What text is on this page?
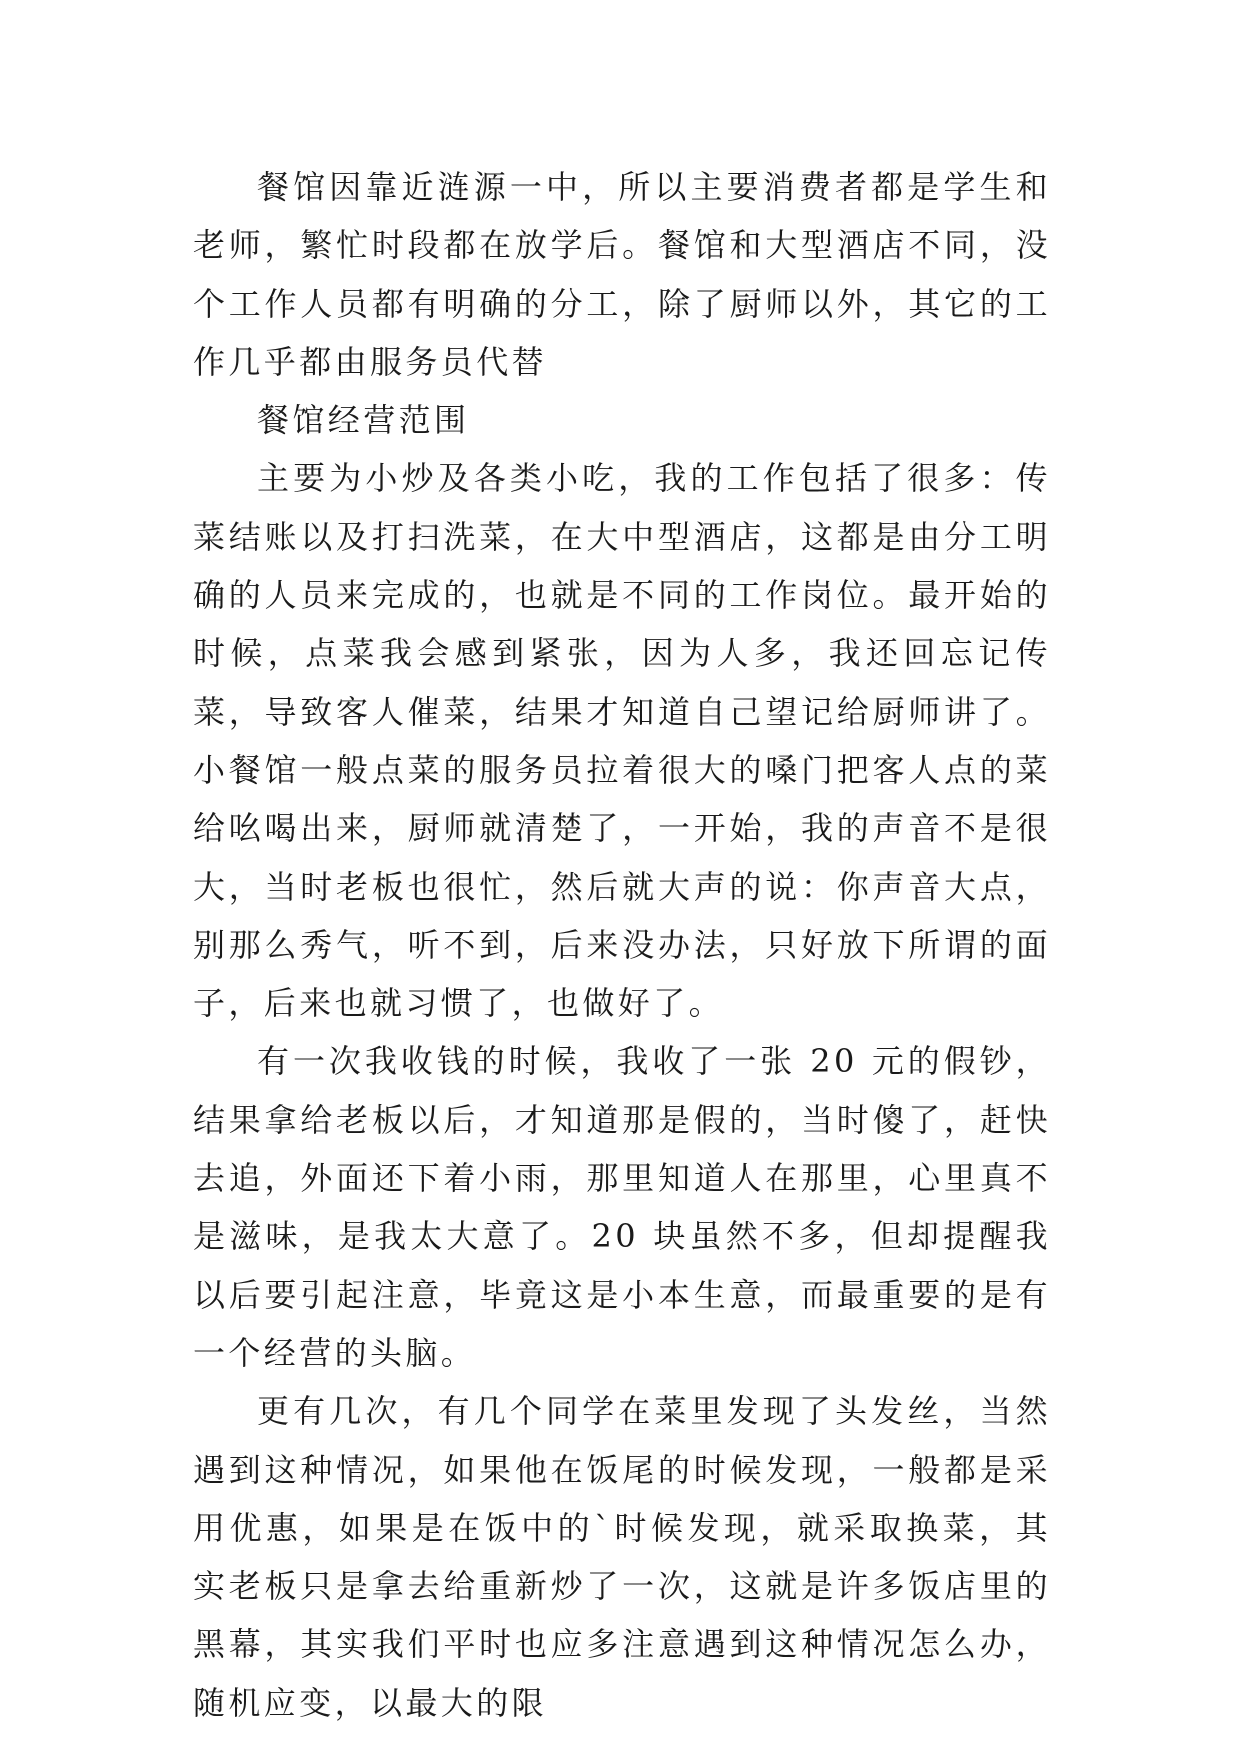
餐馆因靠近涟源一中，所以主要消费者都是学生和老师，繁忙时段都在放学后。餐馆和大型酒店不同，没个工作人员都有明确的分工，除了厨师以外，其它的工作几乎都由服务员代替

餐馆经营范围

主要为小炒及各类小吃，我的工作包括了很多：传菜结账以及打扫洗菜，在大中型酒店，这都是由分工明确的人员来完成的，也就是不同的工作岗位。最开始的时候，点菜我会感到紧张，因为人多，我还回忘记传菜，导致客人催菜，结果才知道自己望记给厨师讲了。小餐馆一般点菜的服务员拉着很大的嗓门把客人点的菜给吆喝出来，厨师就清楚了，一开始，我的声音不是很大，当时老板也很忙，然后就大声的说：你声音大点，别那么秀气，听不到，后来没办法，只好放下所谓的面子，后来也就习惯了，也做好了。

有一次我收钱的时候，我收了一张 20 元的假钞，结果拿给老板以后，才知道那是假的，当时傻了，赶快去追，外面还下着小雨，那里知道人在那里，心里真不是滋味，是我太大意了。20 块虽然不多，但却提醒我以后要引起注意，毕竟这是小本生意，而最重要的是有一个经营的头脑。

更有几次，有几个同学在菜里发现了头发丝，当然遇到这种情况，如果他在饭尾的时候发现，一般都是采用优惠，如果是在饭中的`时候发现，就采取换菜，其实老板只是拿去给重新炒了一次，这就是许多饭店里的黑幕，其实我们平时也应多注意遇到这种情况怎么办，随机应变，以最大的限
